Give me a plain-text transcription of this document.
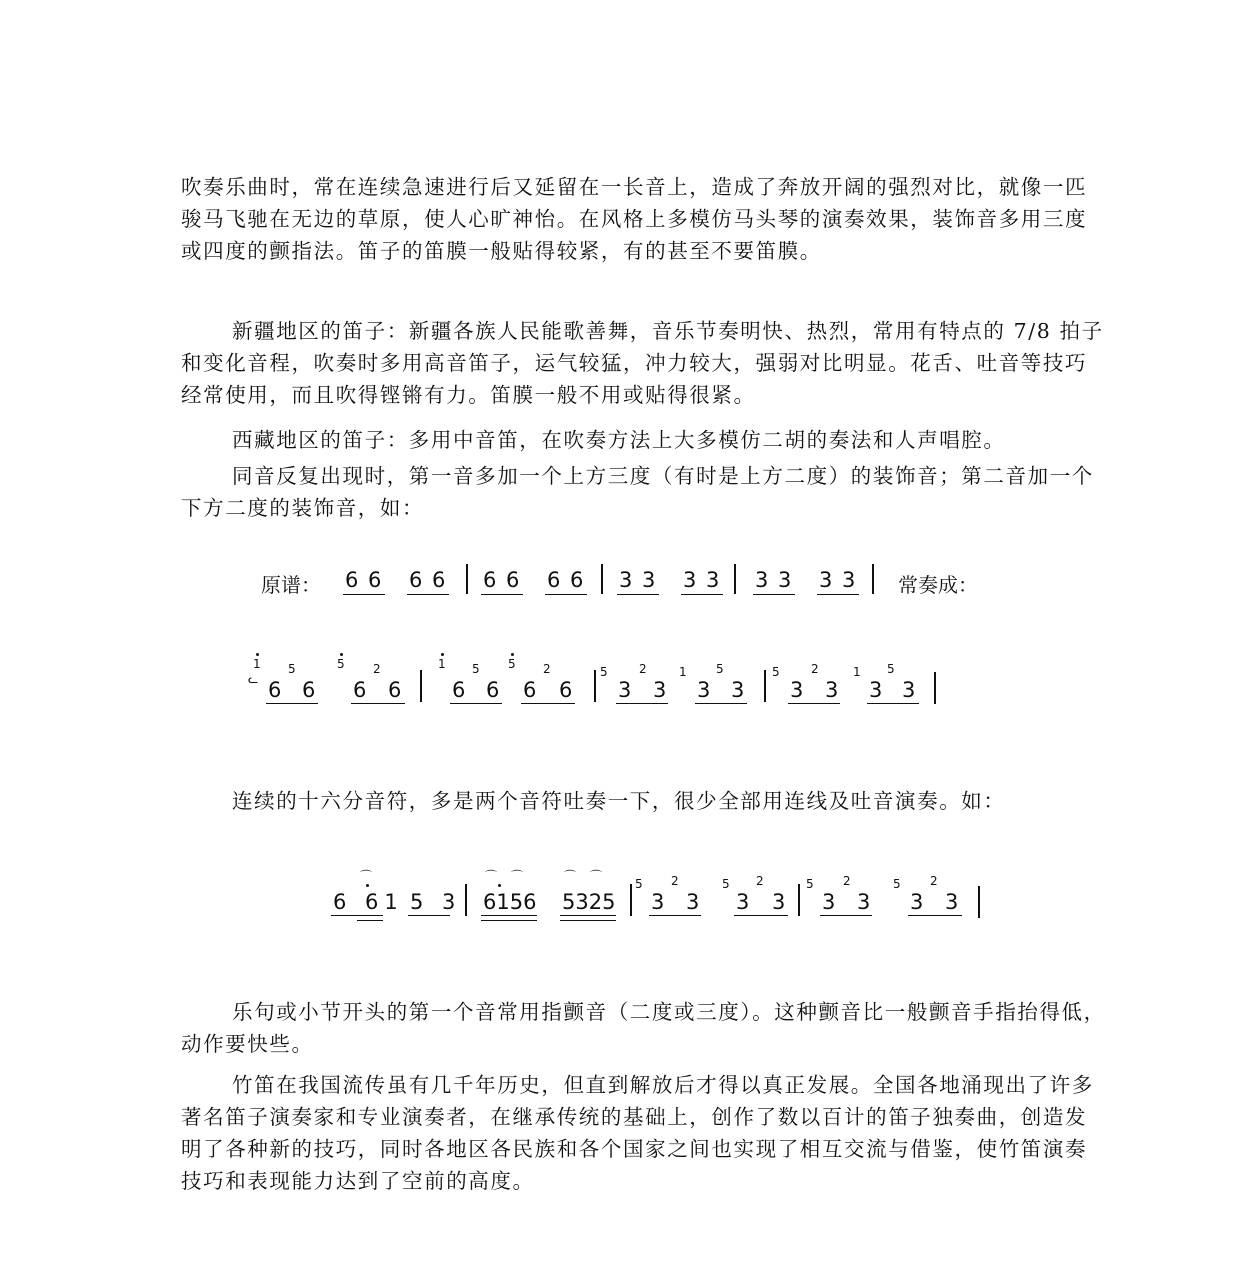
吹奏乐曲时，常在连续急速进行后又延留在一长音上，造成了奔放开阔的强烈对比，就像一匹骏马飞驰在无边的草原，使人心旷神怡。在风格上多模仿马头琴的演奏效果，装饰音多用三度或四度的颤指法。笛子的笛膜一般贴得较紧，有的甚至不要笛膜。

新疆地区的笛子：新疆各族人民能歌善舞，音乐节奏明快、热烈，常用有特点的 7/8 拍子和变化音程，吹奏时多用高音笛子，运气较猛，冲力较大，强弱对比明显。花舌、吐音等技巧经常使用，而且吹得铿锵有力。笛膜一般不用或贴得很紧。

西藏地区的笛子：多用中音笛，在吹奏方法上大多模仿二胡的奏法和人声唱腔。

同音反复出现时，第一音多加一个上方三度（有时是上方二度）的装饰音；第二音加一个下方二度的装饰音，如：

原谱： 6 6 6 6 6 6 6 6 3 3 3 3 3 3 3 3 常奏成：
1
ᓚ 6
5
6
5
6
2
6
1
6
5
6
5
6
2
6
5
3
2
3
1
3
5
3
5
3
2
3
1
3
5
3

连续的十六分音符，多是两个音符吐奏一下，很少全部用连线及吐音演奏。如：

6 61
⌒
5 3 6156
⌒ ⌒
5325
⌒ ⌒
5
3
2
3
5
3
2
3
5
3
2
3
5
3
2
3

乐句或小节开头的第一个音常用指颤音（二度或三度）。这种颤音比一般颤音手指抬得低，动作要快些。

竹笛在我国流传虽有几千年历史，但直到解放后才得以真正发展。全国各地涌现出了许多著名笛子演奏家和专业演奏者，在继承传统的基础上，创作了数以百计的笛子独奏曲，创造发明了各种新的技巧，同时各地区各民族和各个国家之间也实现了相互交流与借鉴，使竹笛演奏技巧和表现能力达到了空前的高度。
